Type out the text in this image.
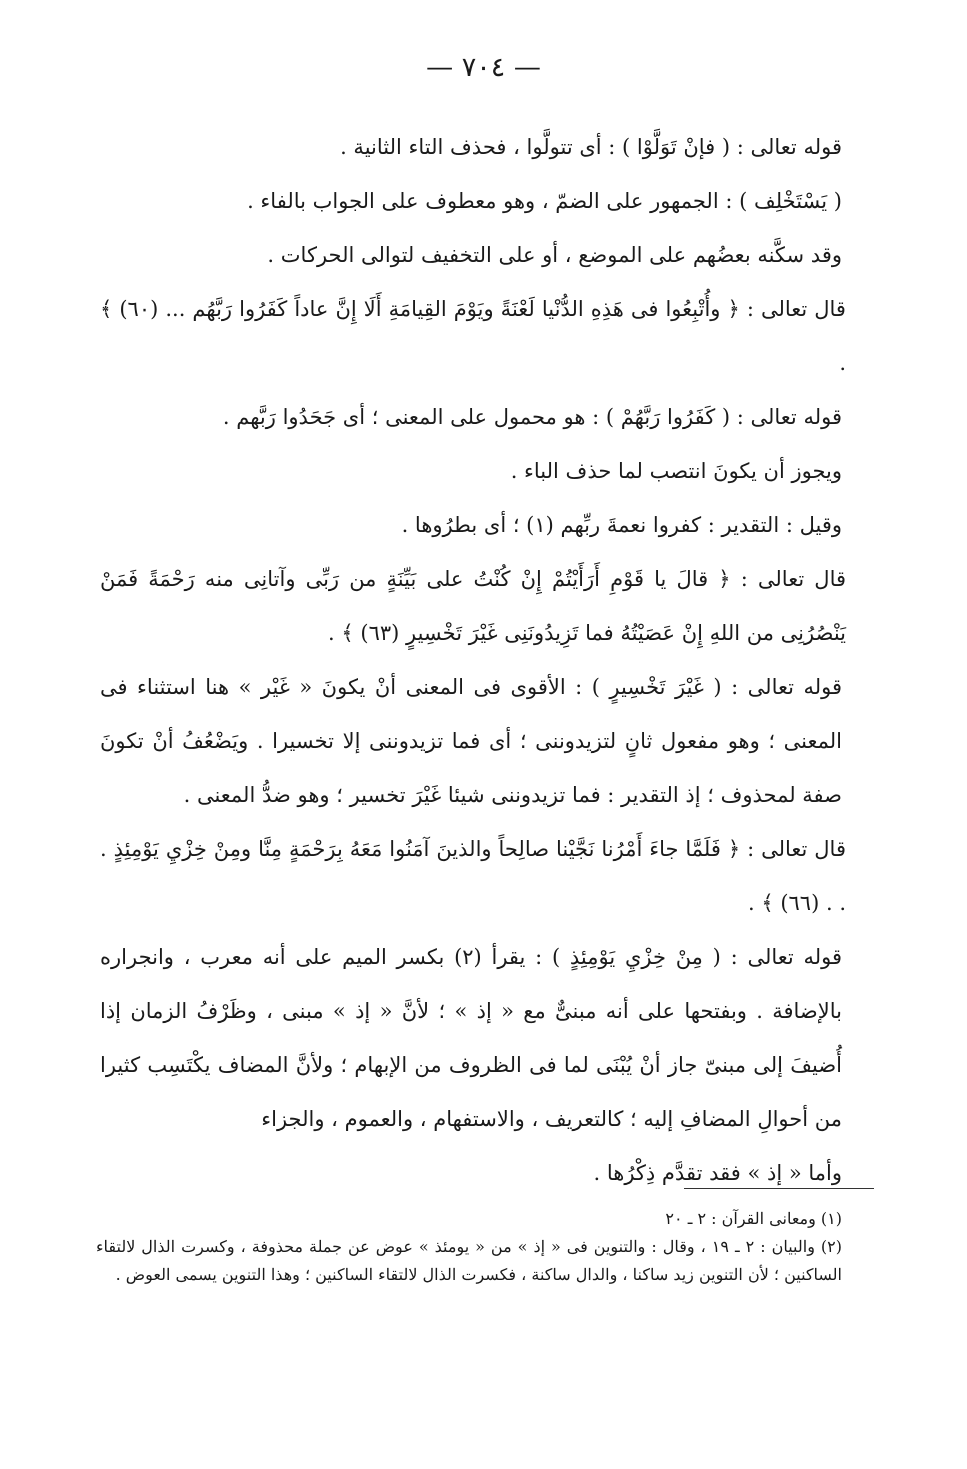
— ٧٠٤ —

قوله تعالى : ( فإنْ تَوَلَّوْا ) : أى تتولَّوا ، فحذف التاء الثانية .

( يَسْتَخْلِف ) : الجمهور على الضمّ ، وهو معطوف على الجواب بالفاء .

وقد سكَّنه بعضُهم على الموضع ، أو على التخفيف لتوالى الحركات .

قال تعالى : ﴿ وأُتْبِعُوا فى هَذِهِ الدُّنْيا لَعْنَةً ويَوْمَ القِيامَةِ أَلَا إِنَّ عاداً كَفَرُوا رَبَّهُم ... (٦٠) ﴾ .

قوله تعالى : ( كَفَرُوا رَبَّهُمْ ) : هو محمول على المعنى ؛ أى جَحَدُوا رَبَّهم .

ويجوز أن يكونَ انتصب لما حذف الباء .

وقيل : التقدير : كفروا نعمةَ ربِّهم (١) ؛ أى بطرُوها .

قال تعالى : ﴿ قالَ يا قَوْمِ أَرَأَيْتُمْ إِنْ كُنْتُ على بَيِّنَةٍ من رَبِّى وآتانِى منه رَحْمَةً فَمَنْ يَنْصُرُنِى من اللهِ إِنْ عَصَيْتُهُ فما تَزِيدُونَنِى غَيْرَ تَخْسِيرٍ (٦٣) ﴾ .

قوله تعالى : ( غَيْرَ تَخْسِيرٍ ) : الأقوى فى المعنى أنْ يكونَ « غَيْر » هنا استثناء فى المعنى ؛ وهو مفعول ثانٍ لتزيدوننى ؛ أى فما تزيدوننى إلا تخسيرا . ويَضْعُفُ أنْ تكونَ صفة لمحذوف ؛ إذ التقدير : فما تزيدوننى شيئا غَيْرَ تخسير ؛ وهو ضدُّ المعنى .

قال تعالى : ﴿ فَلَمَّا جاءَ أَمْرُنا نَجَّيْنا صالِحاً والذينَ آمَنُوا مَعَهُ بِرَحْمَةٍ مِنَّا ومِنْ خِزْيِ يَوْمِئِذٍ . . . (٦٦) ﴾ .

قوله تعالى : ( مِنْ خِزْيِ يَوْمِئِذٍ ) : يقرأ (٢) بكسر الميم على أنه معرب ، وانجراره بالإضافة . وبفتحها على أنه مبنىٌّ مع « إذ » ؛ لأنَّ « إذ » مبنى ، وظَرْفُ الزمان إذا أُضيفَ إلى مبنىّ جاز أنْ يُبْنَى لما فى الظروف من الإبهام ؛ ولأنَّ المضاف يكْتَسِب كثيرا من أحوالِ المضافِ إليه ؛ كالتعريف ، والاستفهام ، والعموم ، والجزاء

وأما « إذ » فقد تقدَّم ذِكْرُها .

(١) ومعانى القرآن : ٢ ـ ٢٠

(٢) والبيان : ٢ ـ ١٩ ، وقال : والتنوين فى « إذ » من « يومئذ » عوض عن جملة محذوفة ، وكسرت الذال لالتقاء الساكنين ؛ لأن التنوين زيد ساكنا ، والدال ساكنة ، فكسرت الذال لالتقاء الساكنين ؛ وهذا التنوين يسمى العوض .
